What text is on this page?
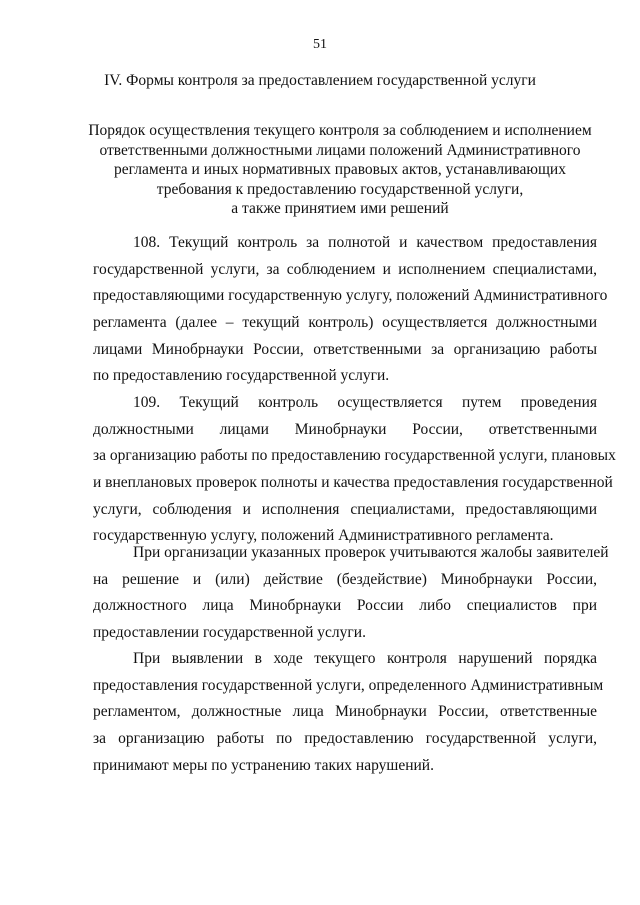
51
IV. Формы контроля за предоставлением государственной услуги
Порядок осуществления текущего контроля за соблюдением и исполнением
ответственными должностными лицами положений Административного
регламента и иных нормативных правовых актов, устанавливающих
требования к предоставлению государственной услуги,
а также принятием ими решений
108. Текущий контроль за полнотой и качеством предоставления
государственной услуги, за соблюдением и исполнением специалистами,
предоставляющими государственную услугу, положений Административного
регламента (далее – текущий контроль) осуществляется должностными
лицами Минобрнауки России, ответственными за организацию работы
по предоставлению государственной услуги.
109. Текущий контроль осуществляется путем проведения
должностными лицами Минобрнауки России, ответственными
за организацию работы по предоставлению государственной услуги, плановых
и внеплановых проверок полноты и качества предоставления государственной
услуги, соблюдения и исполнения специалистами, предоставляющими
государственную услугу, положений Административного регламента.
При организации указанных проверок учитываются жалобы заявителей
на решение и (или) действие (бездействие) Минобрнауки России,
должностного лица Минобрнауки России либо специалистов при
предоставлении государственной услуги.
При выявлении в ходе текущего контроля нарушений порядка
предоставления государственной услуги, определенного Административным
регламентом, должностные лица Минобрнауки России, ответственные
за организацию работы по предоставлению государственной услуги,
принимают меры по устранению таких нарушений.
